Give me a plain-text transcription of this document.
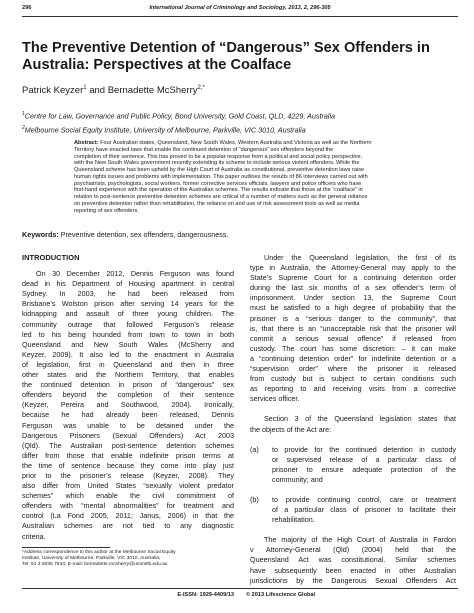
296	International Journal of Criminology and Sociology, 2013, 2, 296-305
The Preventive Detention of “Dangerous” Sex Offenders in
Australia: Perspectives at the Coalface
Patrick Keyzer$^1$ and Bernadette McSherry$^{2,*}$
$^1$Centre for Law, Governance and Public Policy, Bond University, Gold Coast, QLD, 4229, Australia
$^2$Melbourne Social Equity Institute, University of Melbourne, Parkville, VIC 3010, Australia
Abstract: Four Australian states, Queensland, New South Wales, Western Australia and Victoria as well as the Northern
Territory have enacted laws that enable the continued detention of “dangerous” sex offenders beyond the
completion of their sentence. This has proved to be a popular response from a political and social policy perspective,
with the New South Wales government recently extending its scheme to include serious violent offenders. While the
Queensland scheme has been upheld by the High Court of Australia as constitutional, preventive detention laws raise
human rights issues and problems with implementation. This paper outlines the results of 86 interviews carried out with
psychiatrists, psychologists, social workers, former corrective services officials, lawyers and police officers who have
first-hand experience with the operation of the Australian schemes. The results indicate that those at the “coalface” in
relation to post-sentence preventive detention schemes are critical of a number of matters such as the general reliance
on preventive detention rather than rehabilitation, the reliance on and use of risk assessment tools as well as media
reporting of sex offenders.
Keywords: Preventive detention, sex offenders, dangerousness.
INTRODUCTION
On 30 December 2012, Dennis Ferguson was found
dead in his Department of Housing apartment in central
Sydney. In 2003, he had been released from
Brisbane’s Wolston prison after serving 14 years for the
kidnapping and assault of three young children. The
community outrage that followed Ferguson’s release
led to his being hounded from town to town in both
Queensland and New South Wales (McSherry and
Keyzer, 2009). It also led to the enactment in Australia
of legislation, first in Queensland and then in three
other states and the Northern Territory, that enables
the continued detention in prison of “dangerous” sex
offenders beyond the completion of their sentence
(Keyzer, Pereira and Southwood, 2004). Ironically,
because he had already been released, Dennis
Ferguson was unable to be detained under the
Dangerous Prisoners (Sexual Offenders) Act 2003
(Qld). The Australian post-sentence detention schemes
differ from those that enable indefinite prison terms at
the time of sentence because they come into play just
prior to the prisoner’s release (Keyzer, 2008). They
also differ from United States “sexually violent predator
schemes” which enable the civil commitment of
offenders with “mental abnormalities” for treatment and
control (La Fond 2005, 2011; Janus, 2006) in that the
Australian schemes are not tied to any diagnostic
criteria.
Under the Queensland legislation, the first of its
type in Australia, the Attorney-General may apply to the
State’s Supreme Court for a continuing detention order
during the last six months of a sex offender’s term of
imprisonment. Under section 13, the Supreme Court
must be satisfied to a high degree of probability that the
prisoner is a “serious danger to the community”, that
is, that there is an “unacceptable risk that the prisoner will
commit a serious sexual offence” if released from
custody. The court has some discretion: – it can make
a “continuing detention order” for indefinite detention or a
“supervision order” where the prisoner is released
from custody but is subject to certain conditions such
as reporting to and receiving visits from a corrective
services officer.
Section 3 of the Queensland legislation states that
the objects of the Act are:
(a) to provide for the continued detention in custody
or supervised release of a particular class of
prisoner to ensure adequate protection of the
community; and
(b) to provide continuing control, care or treatment
of a particular class of prisoner to facilitate their
rehabilitation.
The majority of the High Court of Australia in Fardon
v Attorney-General (Qld) (2004) held that the
Queensland Act was constitutional. Similar schemes
have subsequently been enacted in other Australian
jurisdictions by the Dangerous Sexual Offenders Act
*Address correspondence to this author at the Melbourne Social Equity
Institute, University of Melbourne, Parkville, VIC 3010, Australia;
Tel: 61 3 9035 7634; E-mail: bernadette.mcsherry@unimelb.edu.au
E-ISSN: 1929-4409/13 © 2013 Lifescience Global
